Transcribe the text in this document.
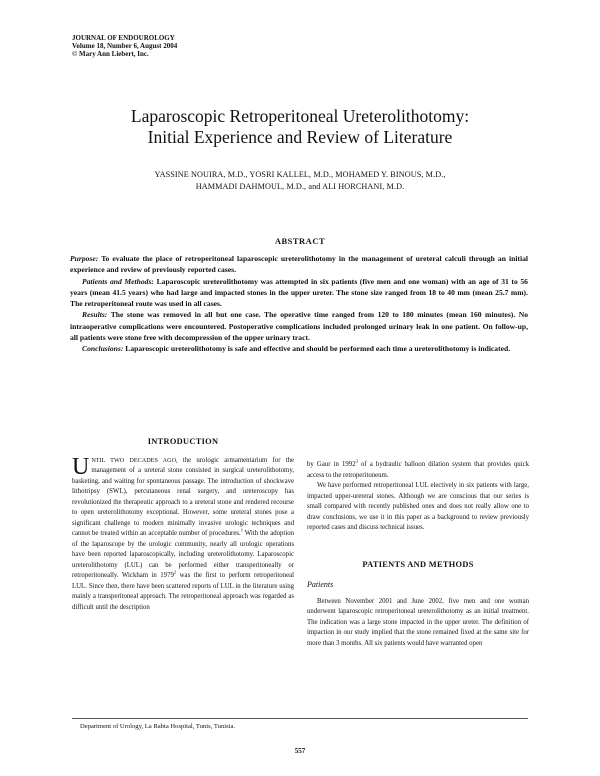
JOURNAL OF ENDOUROLOGY
Volume 18, Number 6, August 2004
© Mary Ann Liebert, Inc.
Laparoscopic Retroperitoneal Ureterolithotomy:
Initial Experience and Review of Literature
YASSINE NOUIRA, M.D., YOSRI KALLEL, M.D., MOHAMED Y. BINOUS, M.D.,
HAMMADI DAHMOUL, M.D., and ALI HORCHANI, M.D.
ABSTRACT

Purpose: To evaluate the place of retroperitoneal laparoscopic ureterolithotomy in the management of ureteral calculi through an initial experience and review of previously reported cases.

Patients and Methods: Laparoscopic ureterolithotomy was attempted in six patients (five men and one woman) with an age of 31 to 56 years (mean 41.5 years) who had large and impacted stones in the upper ureter. The stone size ranged from 18 to 40 mm (mean 25.7 mm). The retroperitoneal route was used in all cases.

Results: The stone was removed in all but one case. The operative time ranged from 120 to 180 minutes (mean 160 minutes). No intraoperative complications were encountered. Postoperative complications included prolonged urinary leak in one patient. On follow-up, all patients were stone free with decompression of the upper urinary tract.

Conclusions: Laparoscopic ureterolithotomy is safe and effective and should be performed each time a ureterolithotomy is indicated.

INTRODUCTION

UNTIL TWO DECADES AGO, the urologic armamentarium for the management of a ureteral stone consisted in surgical ureterolithotomy, basketing, and waiting for spontaneous passage. The introduction of shockwave lithotripsy (SWL), percutaneous renal surgery, and ureteroscopy has revolutionized the therapeutic approach to a ureteral stone and rendered recourse to open ureterolithotomy exceptional. However, some ureteral stones pose a significant challenge to modern minimally invasive urologic techniques and cannot be treated within an acceptable number of procedures.$^1$ With the adoption of the laparoscope by the urologic community, nearly all urologic operations have been reported laparoscopically, including ureterolithotomy. Laparoscopic ureterolithotomy (LUL) can be performed either transperitoneally or retroperitoneally. Wickham in 1979$^2$ was the first to perform retroperitoneal LUL. Since then, there have been scattered reports of LUL in the literature using mainly a transperitoneal approach. The retroperitoneal approach was regarded as difficult until the description

by Gaur in 1992$^3$ of a hydraulic balloon dilation system that provides quick access to the retroperitoneum.

We have performed retroperitoneal LUL electively in six patients with large, impacted upper-ureteral stones. Although we are conscious that our series is small compared with recently published ones and does not really allow one to draw conclusions, we use it in this paper as a background to review previously reported cases and discuss technical issues.

PATIENTS AND METHODS
Patients

Between November 2001 and June 2002, five men and one woman underwent laparoscopic retroperitoneal ureterolithotomy as an initial treatment. The indication was a large stone impacted in the upper ureter. The definition of impaction in our study implied that the stone remained fixed at the same site for more than 3 months. All six patients would have warranted open

Department of Urology, La Rabta Hospital, Tunis, Tunisia.
557
